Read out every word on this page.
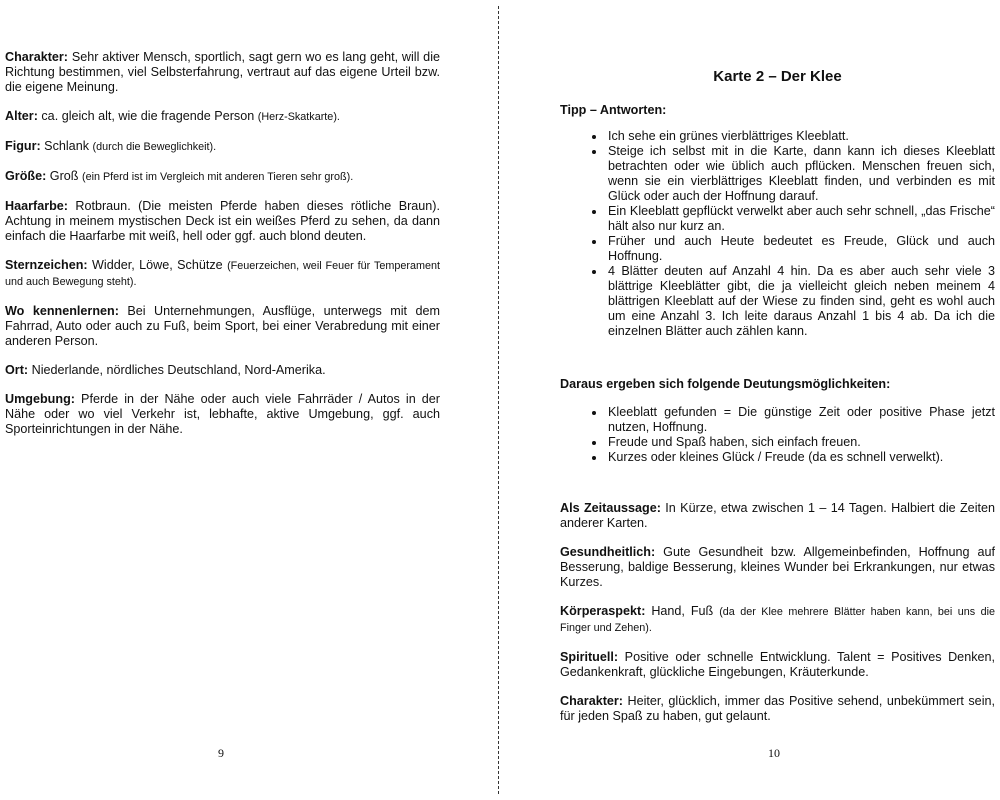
Charakter: Sehr aktiver Mensch, sportlich, sagt gern wo es lang geht, will die Richtung bestimmen, viel Selbsterfahrung, vertraut auf das eigene Urteil bzw. die eigene Meinung.

Alter: ca. gleich alt, wie die fragende Person (Herz-Skatkarte).

Figur: Schlank (durch die Beweglichkeit).

Größe: Groß (ein Pferd ist im Vergleich mit anderen Tieren sehr groß).

Haarfarbe: Rotbraun. (Die meisten Pferde haben dieses rötliche Braun). Achtung in meinem mystischen Deck ist ein weißes Pferd zu sehen, da dann einfach die Haarfarbe mit weiß, hell oder ggf. auch blond deuten.

Sternzeichen: Widder, Löwe, Schütze (Feuerzeichen, weil Feuer für Temperament und auch Bewegung steht).

Wo kennenlernen: Bei Unternehmungen, Ausflüge, unterwegs mit dem Fahrrad, Auto oder auch zu Fuß, beim Sport, bei einer Verabredung mit einer anderen Person.

Ort: Niederlande, nördliches Deutschland, Nord-Amerika.

Umgebung: Pferde in der Nähe oder auch viele Fahrräder / Autos in der Nähe oder wo viel Verkehr ist, lebhafte, aktive Umgebung, ggf. auch Sporteinrichtungen in der Nähe.

9
Karte 2 – Der Klee
Tipp – Antworten:
• Ich sehe ein grünes vierblättriges Kleeblatt.
• Steige ich selbst mit in die Karte, dann kann ich dieses Kleeblatt betrachten oder wie üblich auch pflücken. Menschen freuen sich, wenn sie ein vierblättriges Kleeblatt finden, und verbinden es mit Glück oder auch der Hoffnung darauf.
• Ein Kleeblatt gepflückt verwelkt aber auch sehr schnell, „das Frische“ hält also nur kurz an.
• Früher und auch Heute bedeutet es Freude, Glück und auch Hoffnung.
• 4 Blätter deuten auf Anzahl 4 hin. Da es aber auch sehr viele 3 blättrige Kleeblätter gibt, die ja vielleicht gleich neben meinem 4 blättrigen Kleeblatt auf der Wiese zu finden sind, geht es wohl auch um eine Anzahl 3. Ich leite daraus Anzahl 1 bis 4 ab. Da ich die einzelnen Blätter auch zählen kann.
Daraus ergeben sich folgende Deutungsmöglichkeiten:
• Kleeblatt gefunden = Die günstige Zeit oder positive Phase jetzt nutzen, Hoffnung.
• Freude und Spaß haben, sich einfach freuen.
• Kurzes oder kleines Glück / Freude (da es schnell verwelkt).

Als Zeitaussage: In Kürze, etwa zwischen 1 – 14 Tagen. Halbiert die Zeiten anderer Karten.

Gesundheitlich: Gute Gesundheit bzw. Allgemeinbefinden, Hoffnung auf Besserung, baldige Besserung, kleines Wunder bei Erkrankungen, nur etwas Kurzes.

Körperaspekt: Hand, Fuß (da der Klee mehrere Blätter haben kann, bei uns die Finger und Zehen).

Spirituell: Positive oder schnelle Entwicklung. Talent = Positives Denken, Gedankenkraft, glückliche Eingebungen, Kräuterkunde.

Charakter: Heiter, glücklich, immer das Positive sehend, unbekümmert sein, für jeden Spaß zu haben, gut gelaunt.

10
